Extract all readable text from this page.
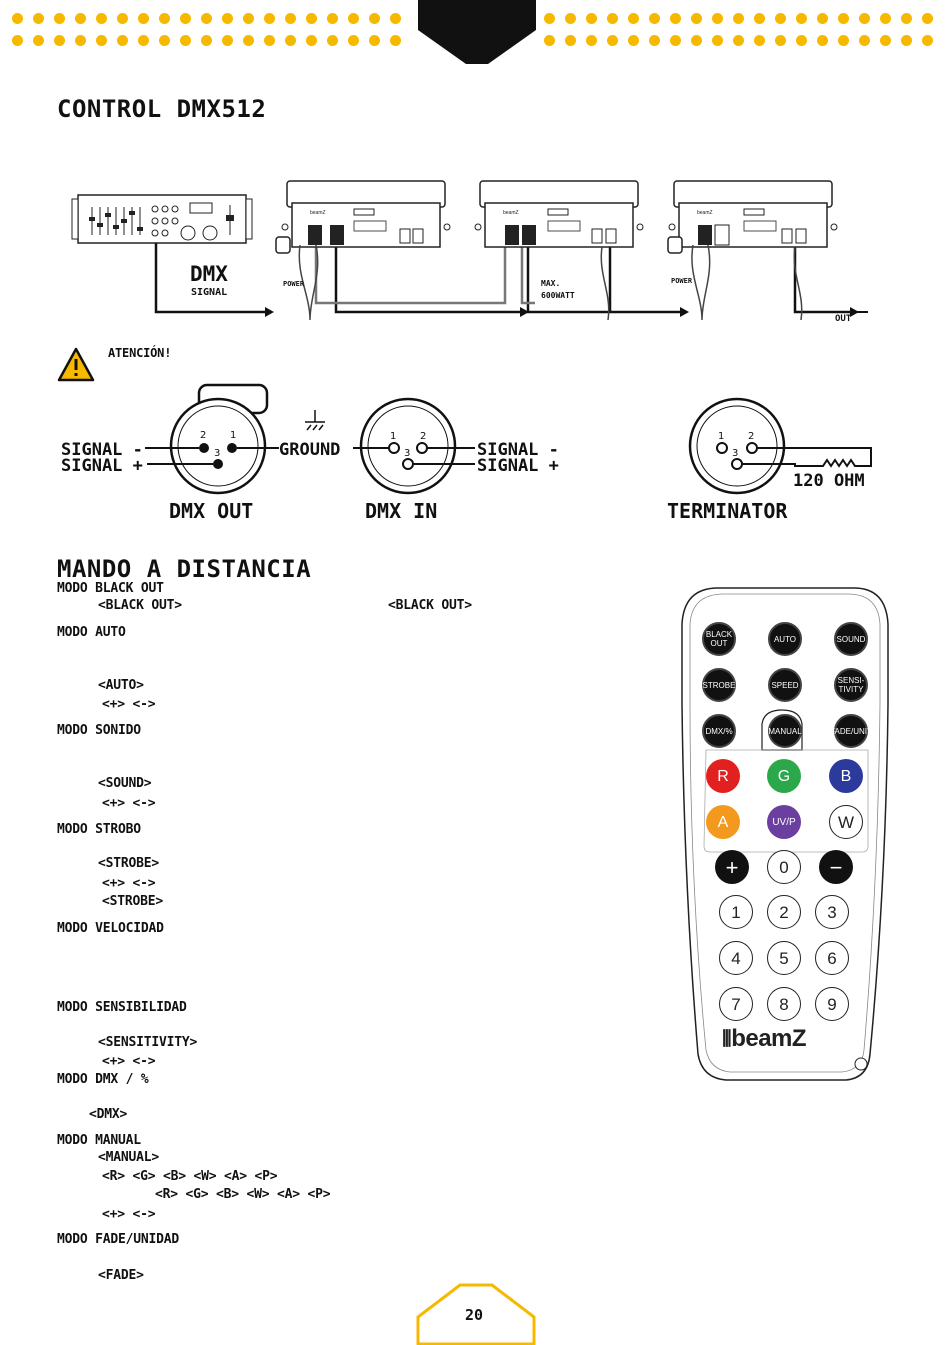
CONTROL DMX512
DMX
SIGNAL
OUT
beamZ	beamZ	beamZ
POWER	POWER
MAX.
600WATT
ATENCIÓN!
2 1
3
SIGNAL -
SIGNAL +
GROUND
1 2
3	SIGNAL -
SIGNAL +
DMX OUT	DMX IN
1 2
3
120 OHM
TERMINATOR
MANDO A DISTANCIA
MODO BLACK OUT
<BLACK OUT>	<BLACK OUT>
MODO AUTO
<AUTO>
<+> <->
MODO SONIDO
<SOUND>
<+> <->
MODO STROBO
<STROBE>
<+> <->
<STROBE>
MODO VELOCIDAD
MODO SENSIBILIDAD
<SENSITIVITY>
<+> <->
MODO DMX / %
<DMX>
MODO MANUAL
<MANUAL>
<R> <G> <B> <W> <A> <P>
<R> <G> <B> <W> <A> <P>
<+> <->
MODO FADE/UNIDAD
<FADE>
BLACK OUT	AUTO	SOUND
STROBE	SPEED	SENSI-TIVITY
DMX/%	MANUAL	FADE/UNIT
R	G	B
A	UV/P	W
+	0	−
1	2	3
4	5	6
7	8	9
⦀beamZ
20
